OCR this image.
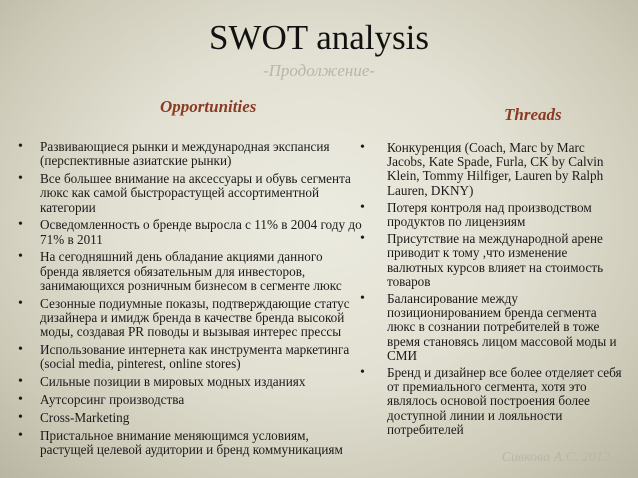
SWOT analysis
-Продолжение-
Opportunities	Threads
• Развивающиеся рынки и международная экспансия (перспективные азиатские рынки)
• Все большее внимание на аксессуары и обувь сегмента люкс как самой быстрорастущей ассортиментной категории
• Осведомленность о бренде выросла с 11% в 2004 году до 71% в 2011
• На сегодняшний день обладание акциями данного бренда является обязательным для инвесторов, занимающихся розничным бизнесом в сегменте люкс
• Сезонные подиумные показы, подтверждающие статус дизайнера и имидж бренда в качестве бренда высокой моды, создавая PR поводы и вызывая интерес прессы
• Использование интернета как инструмента маркетинга (social media, pinterest, online stores)
• Сильные позиции в мировых модных изданиях
• Аутсорсинг производства
• Cross-Marketing
• Пристальное внимание меняющимся условиям, растущей целевой аудитории и бренд коммуникациям
• Конкуренция (Coach, Marc by Marc Jacobs, Kate Spade, Furla, CK by Calvin Klein, Tommy Hilfiger, Lauren by Ralph Lauren, DKNY)
• Потеря контроля над производством продуктов по лицензиям
• Присутствие на международной арене приводит к тому ,что изменение валютных курсов влияет на стоимость товаров
• Балансирование между позиционированием бренда сегмента люкс в сознании потребителей в тоже время становясь лицом массовой моды и СМИ
• Бренд и дизайнер все более отделяет себя от премиального сегмента, хотя это являлось основой построения более доступной линии и лояльности потребителей
Сивкова А.С. 2012
